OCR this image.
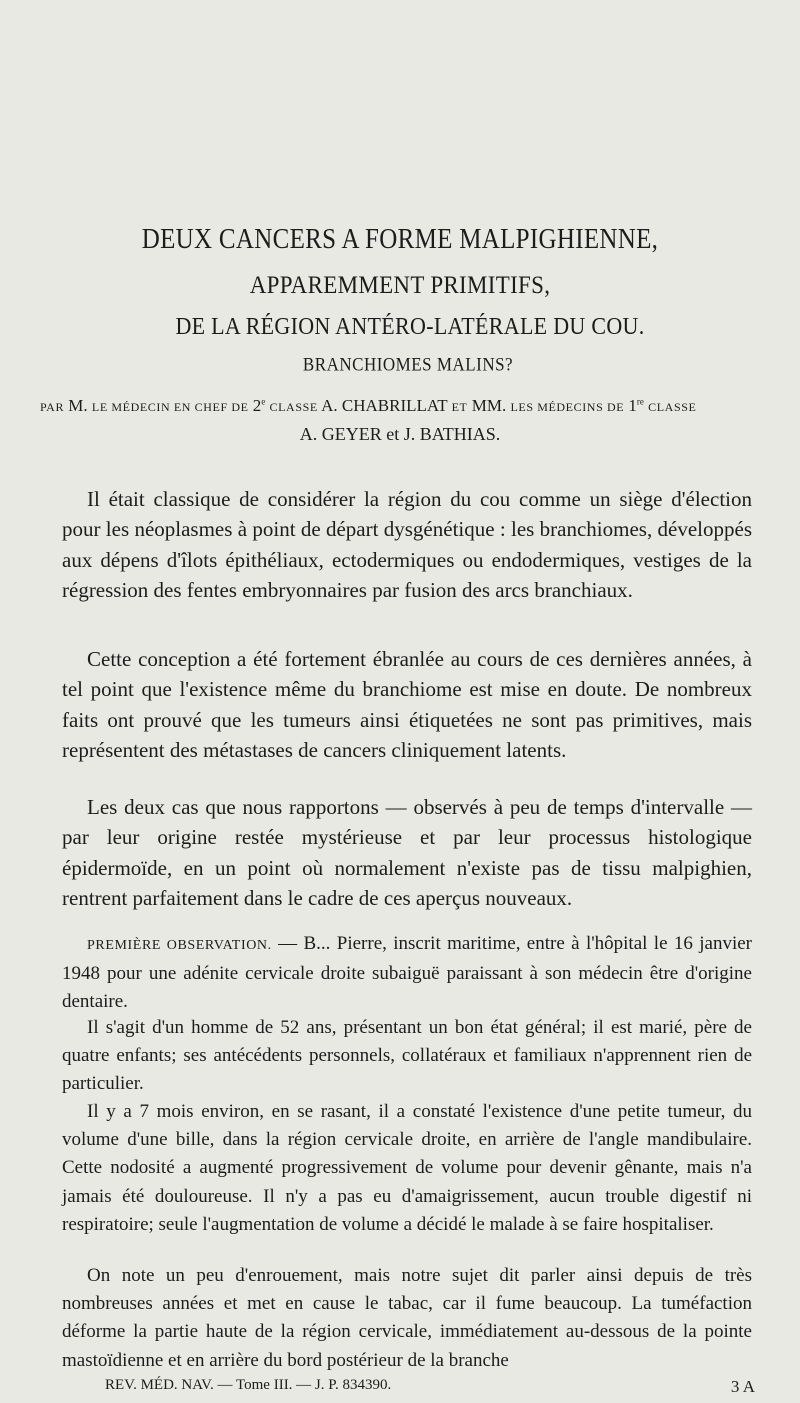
DEUX CANCERS A FORME MALPIGHIENNE,
APPAREMMENT PRIMITIFS,
DE LA RÉGION ANTÉRO-LATÉRALE DU COU.
BRANCHIOMES MALINS?
PAR M. LE MÉDECIN EN CHEF DE 2e CLASSE A. CHABRILLAT ET MM. LES MÉDECINS DE 1re CLASSE
A. GEYER et J. BATHIAS.

Il était classique de considérer la région du cou comme un siège d'élection pour les néoplasmes à point de départ dysgénétique : les branchiomes, développés aux dépens d'îlots épithéliaux, ectodermiques ou endodermiques, vestiges de la régression des fentes embryonnaires par fusion des arcs branchiaux.

Cette conception a été fortement ébranlée au cours de ces dernières années, à tel point que l'existence même du branchiome est mise en doute. De nombreux faits ont prouvé que les tumeurs ainsi étiquetées ne sont pas primitives, mais représentent des métastases de cancers cliniquement latents.

Les deux cas que nous rapportons — observés à peu de temps d'intervalle — par leur origine restée mystérieuse et par leur processus histologique épidermoïde, en un point où normalement n'existe pas de tissu malpighien, rentrent parfaitement dans le cadre de ces aperçus nouveaux.

PREMIÈRE OBSERVATION. — B... Pierre, inscrit maritime, entre à l'hôpital le 16 janvier 1948 pour une adénite cervicale droite subaiguë paraissant à son médecin être d'origine dentaire.

Il s'agit d'un homme de 52 ans, présentant un bon état général; il est marié, père de quatre enfants; ses antécédents personnels, collatéraux et familiaux n'apprennent rien de particulier.

Il y a 7 mois environ, en se rasant, il a constaté l'existence d'une petite tumeur, du volume d'une bille, dans la région cervicale droite, en arrière de l'angle mandibulaire. Cette nodosité a augmenté progressivement de volume pour devenir gênante, mais n'a jamais été douloureuse. Il n'y a pas eu d'amaigrissement, aucun trouble digestif ni respiratoire; seule l'augmentation de volume a décidé le malade à se faire hospitaliser.

On note un peu d'enrouement, mais notre sujet dit parler ainsi depuis de très nombreuses années et met en cause le tabac, car il fume beaucoup. La tuméfaction déforme la partie haute de la région cervicale, immédiatement au-dessous de la pointe mastoïdienne et en arrière du bord postérieur de la branche

REV. MÉD. NAV. — Tome III. — J. P. 834390.	3 A
